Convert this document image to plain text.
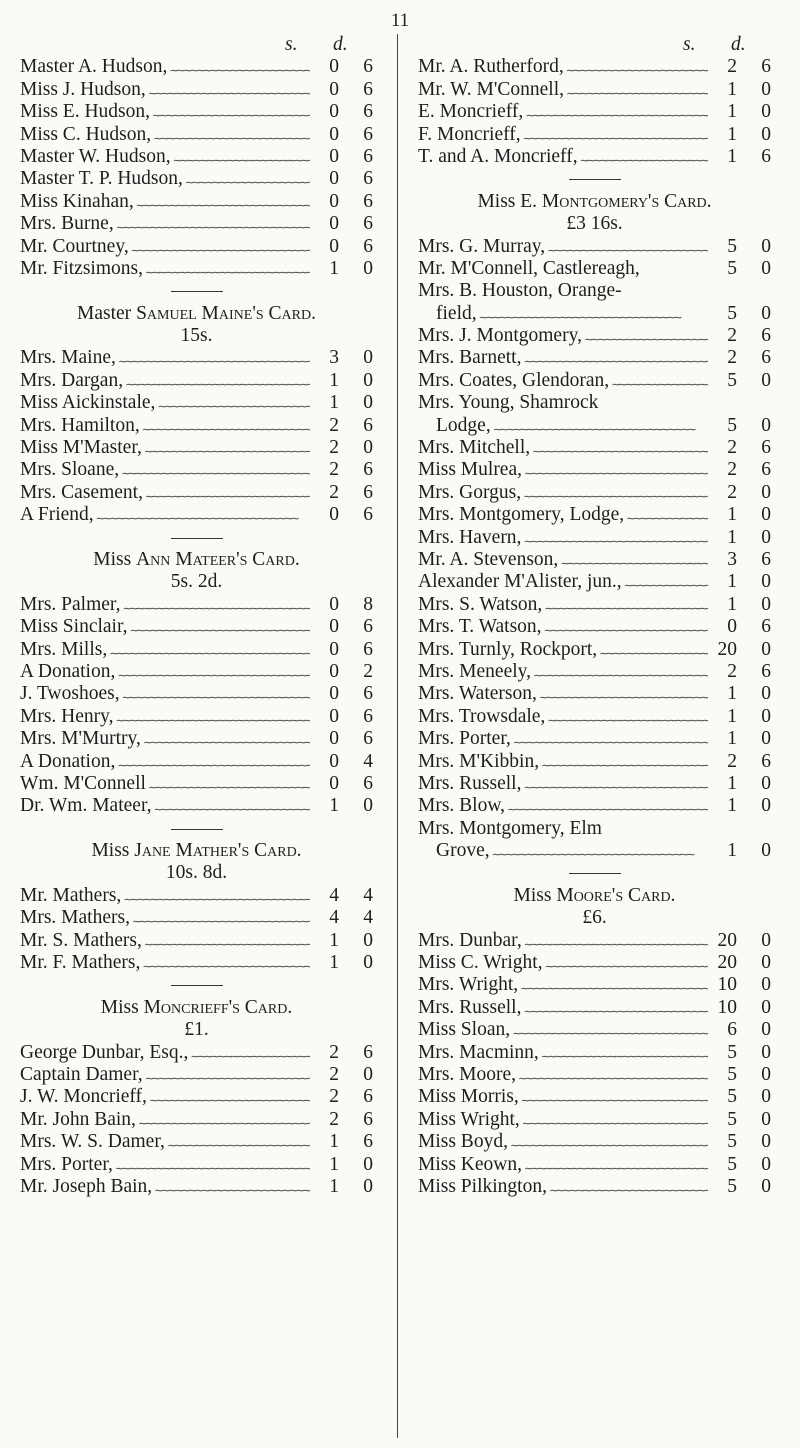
11
s. d.
Master A. Hudson, ∼∼∼∼∼∼∼∼∼∼∼∼∼∼∼∼∼∼∼∼∼∼∼∼∼∼∼∼∼∼	0	6
Miss J. Hudson, ∼∼∼∼∼∼∼∼∼∼∼∼∼∼∼∼∼∼∼∼∼∼∼∼∼∼∼∼∼∼	0	6
Miss E. Hudson, ∼∼∼∼∼∼∼∼∼∼∼∼∼∼∼∼∼∼∼∼∼∼∼∼∼∼∼∼∼∼	0	6
Miss C. Hudson, ∼∼∼∼∼∼∼∼∼∼∼∼∼∼∼∼∼∼∼∼∼∼∼∼∼∼∼∼∼∼	0	6
Master W. Hudson, ∼∼∼∼∼∼∼∼∼∼∼∼∼∼∼∼∼∼∼∼∼∼∼∼∼∼∼∼∼∼	0	6
Master T. P. Hudson, ∼∼∼∼∼∼∼∼∼∼∼∼∼∼∼∼∼∼∼∼∼∼∼∼∼∼∼∼∼∼	0	6
Miss Kinahan, ∼∼∼∼∼∼∼∼∼∼∼∼∼∼∼∼∼∼∼∼∼∼∼∼∼∼∼∼∼∼	0	6
Mrs. Burne, ∼∼∼∼∼∼∼∼∼∼∼∼∼∼∼∼∼∼∼∼∼∼∼∼∼∼∼∼∼∼	0	6
Mr. Courtney, ∼∼∼∼∼∼∼∼∼∼∼∼∼∼∼∼∼∼∼∼∼∼∼∼∼∼∼∼∼∼	0	6
Mr. Fitzsimons, ∼∼∼∼∼∼∼∼∼∼∼∼∼∼∼∼∼∼∼∼∼∼∼∼∼∼∼∼∼∼	1	0
Master Samuel Maine's Card.
15s.
Mrs. Maine, ∼∼∼∼∼∼∼∼∼∼∼∼∼∼∼∼∼∼∼∼∼∼∼∼∼∼∼∼∼∼	3	0
Mrs. Dargan, ∼∼∼∼∼∼∼∼∼∼∼∼∼∼∼∼∼∼∼∼∼∼∼∼∼∼∼∼∼∼	1	0
Miss Aickinstale, ∼∼∼∼∼∼∼∼∼∼∼∼∼∼∼∼∼∼∼∼∼∼∼∼∼∼∼∼∼∼	1	0
Mrs. Hamilton, ∼∼∼∼∼∼∼∼∼∼∼∼∼∼∼∼∼∼∼∼∼∼∼∼∼∼∼∼∼∼	2	6
Miss M'Master, ∼∼∼∼∼∼∼∼∼∼∼∼∼∼∼∼∼∼∼∼∼∼∼∼∼∼∼∼∼∼	2	0
Mrs. Sloane, ∼∼∼∼∼∼∼∼∼∼∼∼∼∼∼∼∼∼∼∼∼∼∼∼∼∼∼∼∼∼	2	6
Mrs. Casement, ∼∼∼∼∼∼∼∼∼∼∼∼∼∼∼∼∼∼∼∼∼∼∼∼∼∼∼∼∼∼	2	6
A Friend, ∼∼∼∼∼∼∼∼∼∼∼∼∼∼∼∼∼∼∼∼∼∼∼∼∼∼∼∼∼∼	0	6
Miss Ann Mateer's Card.
5s. 2d.
Mrs. Palmer, ∼∼∼∼∼∼∼∼∼∼∼∼∼∼∼∼∼∼∼∼∼∼∼∼∼∼∼∼∼∼	0	8
Miss Sinclair, ∼∼∼∼∼∼∼∼∼∼∼∼∼∼∼∼∼∼∼∼∼∼∼∼∼∼∼∼∼∼	0	6
Mrs. Mills, ∼∼∼∼∼∼∼∼∼∼∼∼∼∼∼∼∼∼∼∼∼∼∼∼∼∼∼∼∼∼	0	6
A Donation, ∼∼∼∼∼∼∼∼∼∼∼∼∼∼∼∼∼∼∼∼∼∼∼∼∼∼∼∼∼∼	0	2
J. Twoshoes, ∼∼∼∼∼∼∼∼∼∼∼∼∼∼∼∼∼∼∼∼∼∼∼∼∼∼∼∼∼∼	0	6
Mrs. Henry, ∼∼∼∼∼∼∼∼∼∼∼∼∼∼∼∼∼∼∼∼∼∼∼∼∼∼∼∼∼∼	0	6
Mrs. M'Murtry, ∼∼∼∼∼∼∼∼∼∼∼∼∼∼∼∼∼∼∼∼∼∼∼∼∼∼∼∼∼∼	0	6
A Donation, ∼∼∼∼∼∼∼∼∼∼∼∼∼∼∼∼∼∼∼∼∼∼∼∼∼∼∼∼∼∼	0	4
Wm. M'Connell ∼∼∼∼∼∼∼∼∼∼∼∼∼∼∼∼∼∼∼∼∼∼∼∼∼∼∼∼∼∼	0	6
Dr. Wm. Mateer, ∼∼∼∼∼∼∼∼∼∼∼∼∼∼∼∼∼∼∼∼∼∼∼∼∼∼∼∼∼∼	1	0
Miss Jane Mather's Card.
10s. 8d.
Mr. Mathers, ∼∼∼∼∼∼∼∼∼∼∼∼∼∼∼∼∼∼∼∼∼∼∼∼∼∼∼∼∼∼	4	4
Mrs. Mathers, ∼∼∼∼∼∼∼∼∼∼∼∼∼∼∼∼∼∼∼∼∼∼∼∼∼∼∼∼∼∼	4	4
Mr. S. Mathers, ∼∼∼∼∼∼∼∼∼∼∼∼∼∼∼∼∼∼∼∼∼∼∼∼∼∼∼∼∼∼	1	0
Mr. F. Mathers, ∼∼∼∼∼∼∼∼∼∼∼∼∼∼∼∼∼∼∼∼∼∼∼∼∼∼∼∼∼∼	1	0
Miss Moncrieff's Card.
£1.
George Dunbar, Esq., ∼∼∼∼∼∼∼∼∼∼∼∼∼∼∼∼∼∼∼∼∼∼∼∼∼∼∼∼∼∼	2	6
Captain Damer, ∼∼∼∼∼∼∼∼∼∼∼∼∼∼∼∼∼∼∼∼∼∼∼∼∼∼∼∼∼∼	2	0
J. W. Moncrieff, ∼∼∼∼∼∼∼∼∼∼∼∼∼∼∼∼∼∼∼∼∼∼∼∼∼∼∼∼∼∼	2	6
Mr. John Bain, ∼∼∼∼∼∼∼∼∼∼∼∼∼∼∼∼∼∼∼∼∼∼∼∼∼∼∼∼∼∼	2	6
Mrs. W. S. Damer, ∼∼∼∼∼∼∼∼∼∼∼∼∼∼∼∼∼∼∼∼∼∼∼∼∼∼∼∼∼∼	1	6
Mrs. Porter, ∼∼∼∼∼∼∼∼∼∼∼∼∼∼∼∼∼∼∼∼∼∼∼∼∼∼∼∼∼∼	1	0
Mr. Joseph Bain, ∼∼∼∼∼∼∼∼∼∼∼∼∼∼∼∼∼∼∼∼∼∼∼∼∼∼∼∼∼∼	1	0
s. d.
Mr. A. Rutherford, ∼∼∼∼∼∼∼∼∼∼∼∼∼∼∼∼∼∼∼∼∼∼∼∼∼∼∼∼∼∼	2	6
Mr. W. M'Connell, ∼∼∼∼∼∼∼∼∼∼∼∼∼∼∼∼∼∼∼∼∼∼∼∼∼∼∼∼∼∼	1	0
E. Moncrieff, ∼∼∼∼∼∼∼∼∼∼∼∼∼∼∼∼∼∼∼∼∼∼∼∼∼∼∼∼∼∼	1	0
F. Moncrieff, ∼∼∼∼∼∼∼∼∼∼∼∼∼∼∼∼∼∼∼∼∼∼∼∼∼∼∼∼∼∼	1	0
T. and A. Moncrieff, ∼∼∼∼∼∼∼∼∼∼∼∼∼∼∼∼∼∼∼∼∼∼∼∼∼∼∼∼∼∼	1	6
Miss E. Montgomery's Card.
£3 16s.
Mrs. G. Murray, ∼∼∼∼∼∼∼∼∼∼∼∼∼∼∼∼∼∼∼∼∼∼∼∼∼∼∼∼∼∼	5	0
Mr. M'Connell, Castlereagh,	5	0
Mrs. B. Houston, Orange-
field, ∼∼∼∼∼∼∼∼∼∼∼∼∼∼∼∼∼∼∼∼∼∼∼∼∼∼∼∼∼∼	5	0
Mrs. J. Montgomery, ∼∼∼∼∼∼∼∼∼∼∼∼∼∼∼∼∼∼∼∼∼∼∼∼∼∼∼∼∼∼	2	6
Mrs. Barnett, ∼∼∼∼∼∼∼∼∼∼∼∼∼∼∼∼∼∼∼∼∼∼∼∼∼∼∼∼∼∼	2	6
Mrs. Coates, Glendoran, ∼∼∼∼∼∼∼∼∼∼∼∼∼∼∼∼∼∼∼∼∼∼∼∼∼∼∼∼∼∼	5	0
Mrs. Young, Shamrock
Lodge, ∼∼∼∼∼∼∼∼∼∼∼∼∼∼∼∼∼∼∼∼∼∼∼∼∼∼∼∼∼∼	5	0
Mrs. Mitchell, ∼∼∼∼∼∼∼∼∼∼∼∼∼∼∼∼∼∼∼∼∼∼∼∼∼∼∼∼∼∼	2	6
Miss Mulrea, ∼∼∼∼∼∼∼∼∼∼∼∼∼∼∼∼∼∼∼∼∼∼∼∼∼∼∼∼∼∼	2	6
Mrs. Gorgus, ∼∼∼∼∼∼∼∼∼∼∼∼∼∼∼∼∼∼∼∼∼∼∼∼∼∼∼∼∼∼	2	0
Mrs. Montgomery, Lodge, ∼∼∼∼∼∼∼∼∼∼∼∼∼∼∼∼∼∼∼∼∼∼∼∼∼∼∼∼∼∼	1	0
Mrs. Havern, ∼∼∼∼∼∼∼∼∼∼∼∼∼∼∼∼∼∼∼∼∼∼∼∼∼∼∼∼∼∼	1	0
Mr. A. Stevenson, ∼∼∼∼∼∼∼∼∼∼∼∼∼∼∼∼∼∼∼∼∼∼∼∼∼∼∼∼∼∼	3	6
Alexander M'Alister, jun., ∼∼∼∼∼∼∼∼∼∼∼∼∼∼∼∼∼∼∼∼∼∼∼∼∼∼∼∼∼∼	1	0
Mrs. S. Watson, ∼∼∼∼∼∼∼∼∼∼∼∼∼∼∼∼∼∼∼∼∼∼∼∼∼∼∼∼∼∼	1	0
Mrs. T. Watson, ∼∼∼∼∼∼∼∼∼∼∼∼∼∼∼∼∼∼∼∼∼∼∼∼∼∼∼∼∼∼	0	6
Mrs. Turnly, Rockport, ∼∼∼∼∼∼∼∼∼∼∼∼∼∼∼∼∼∼∼∼∼∼∼∼∼∼∼∼∼∼	20	0
Mrs. Meneely, ∼∼∼∼∼∼∼∼∼∼∼∼∼∼∼∼∼∼∼∼∼∼∼∼∼∼∼∼∼∼	2	6
Mrs. Waterson, ∼∼∼∼∼∼∼∼∼∼∼∼∼∼∼∼∼∼∼∼∼∼∼∼∼∼∼∼∼∼	1	0
Mrs. Trowsdale, ∼∼∼∼∼∼∼∼∼∼∼∼∼∼∼∼∼∼∼∼∼∼∼∼∼∼∼∼∼∼	1	0
Mrs. Porter, ∼∼∼∼∼∼∼∼∼∼∼∼∼∼∼∼∼∼∼∼∼∼∼∼∼∼∼∼∼∼	1	0
Mrs. M'Kibbin, ∼∼∼∼∼∼∼∼∼∼∼∼∼∼∼∼∼∼∼∼∼∼∼∼∼∼∼∼∼∼	2	6
Mrs. Russell, ∼∼∼∼∼∼∼∼∼∼∼∼∼∼∼∼∼∼∼∼∼∼∼∼∼∼∼∼∼∼	1	0
Mrs. Blow, ∼∼∼∼∼∼∼∼∼∼∼∼∼∼∼∼∼∼∼∼∼∼∼∼∼∼∼∼∼∼	1	0
Mrs. Montgomery, Elm
Grove, ∼∼∼∼∼∼∼∼∼∼∼∼∼∼∼∼∼∼∼∼∼∼∼∼∼∼∼∼∼∼	1	0
Miss Moore's Card.
£6.
Mrs. Dunbar, ∼∼∼∼∼∼∼∼∼∼∼∼∼∼∼∼∼∼∼∼∼∼∼∼∼∼∼∼∼∼	20	0
Miss C. Wright, ∼∼∼∼∼∼∼∼∼∼∼∼∼∼∼∼∼∼∼∼∼∼∼∼∼∼∼∼∼∼	20	0
Mrs. Wright, ∼∼∼∼∼∼∼∼∼∼∼∼∼∼∼∼∼∼∼∼∼∼∼∼∼∼∼∼∼∼	10	0
Mrs. Russell, ∼∼∼∼∼∼∼∼∼∼∼∼∼∼∼∼∼∼∼∼∼∼∼∼∼∼∼∼∼∼	10	0
Miss Sloan, ∼∼∼∼∼∼∼∼∼∼∼∼∼∼∼∼∼∼∼∼∼∼∼∼∼∼∼∼∼∼	6	0
Mrs. Macminn, ∼∼∼∼∼∼∼∼∼∼∼∼∼∼∼∼∼∼∼∼∼∼∼∼∼∼∼∼∼∼	5	0
Mrs. Moore, ∼∼∼∼∼∼∼∼∼∼∼∼∼∼∼∼∼∼∼∼∼∼∼∼∼∼∼∼∼∼	5	0
Miss Morris, ∼∼∼∼∼∼∼∼∼∼∼∼∼∼∼∼∼∼∼∼∼∼∼∼∼∼∼∼∼∼	5	0
Miss Wright, ∼∼∼∼∼∼∼∼∼∼∼∼∼∼∼∼∼∼∼∼∼∼∼∼∼∼∼∼∼∼	5	0
Miss Boyd, ∼∼∼∼∼∼∼∼∼∼∼∼∼∼∼∼∼∼∼∼∼∼∼∼∼∼∼∼∼∼	5	0
Miss Keown, ∼∼∼∼∼∼∼∼∼∼∼∼∼∼∼∼∼∼∼∼∼∼∼∼∼∼∼∼∼∼	5	0
Miss Pilkington, ∼∼∼∼∼∼∼∼∼∼∼∼∼∼∼∼∼∼∼∼∼∼∼∼∼∼∼∼∼∼	5	0
